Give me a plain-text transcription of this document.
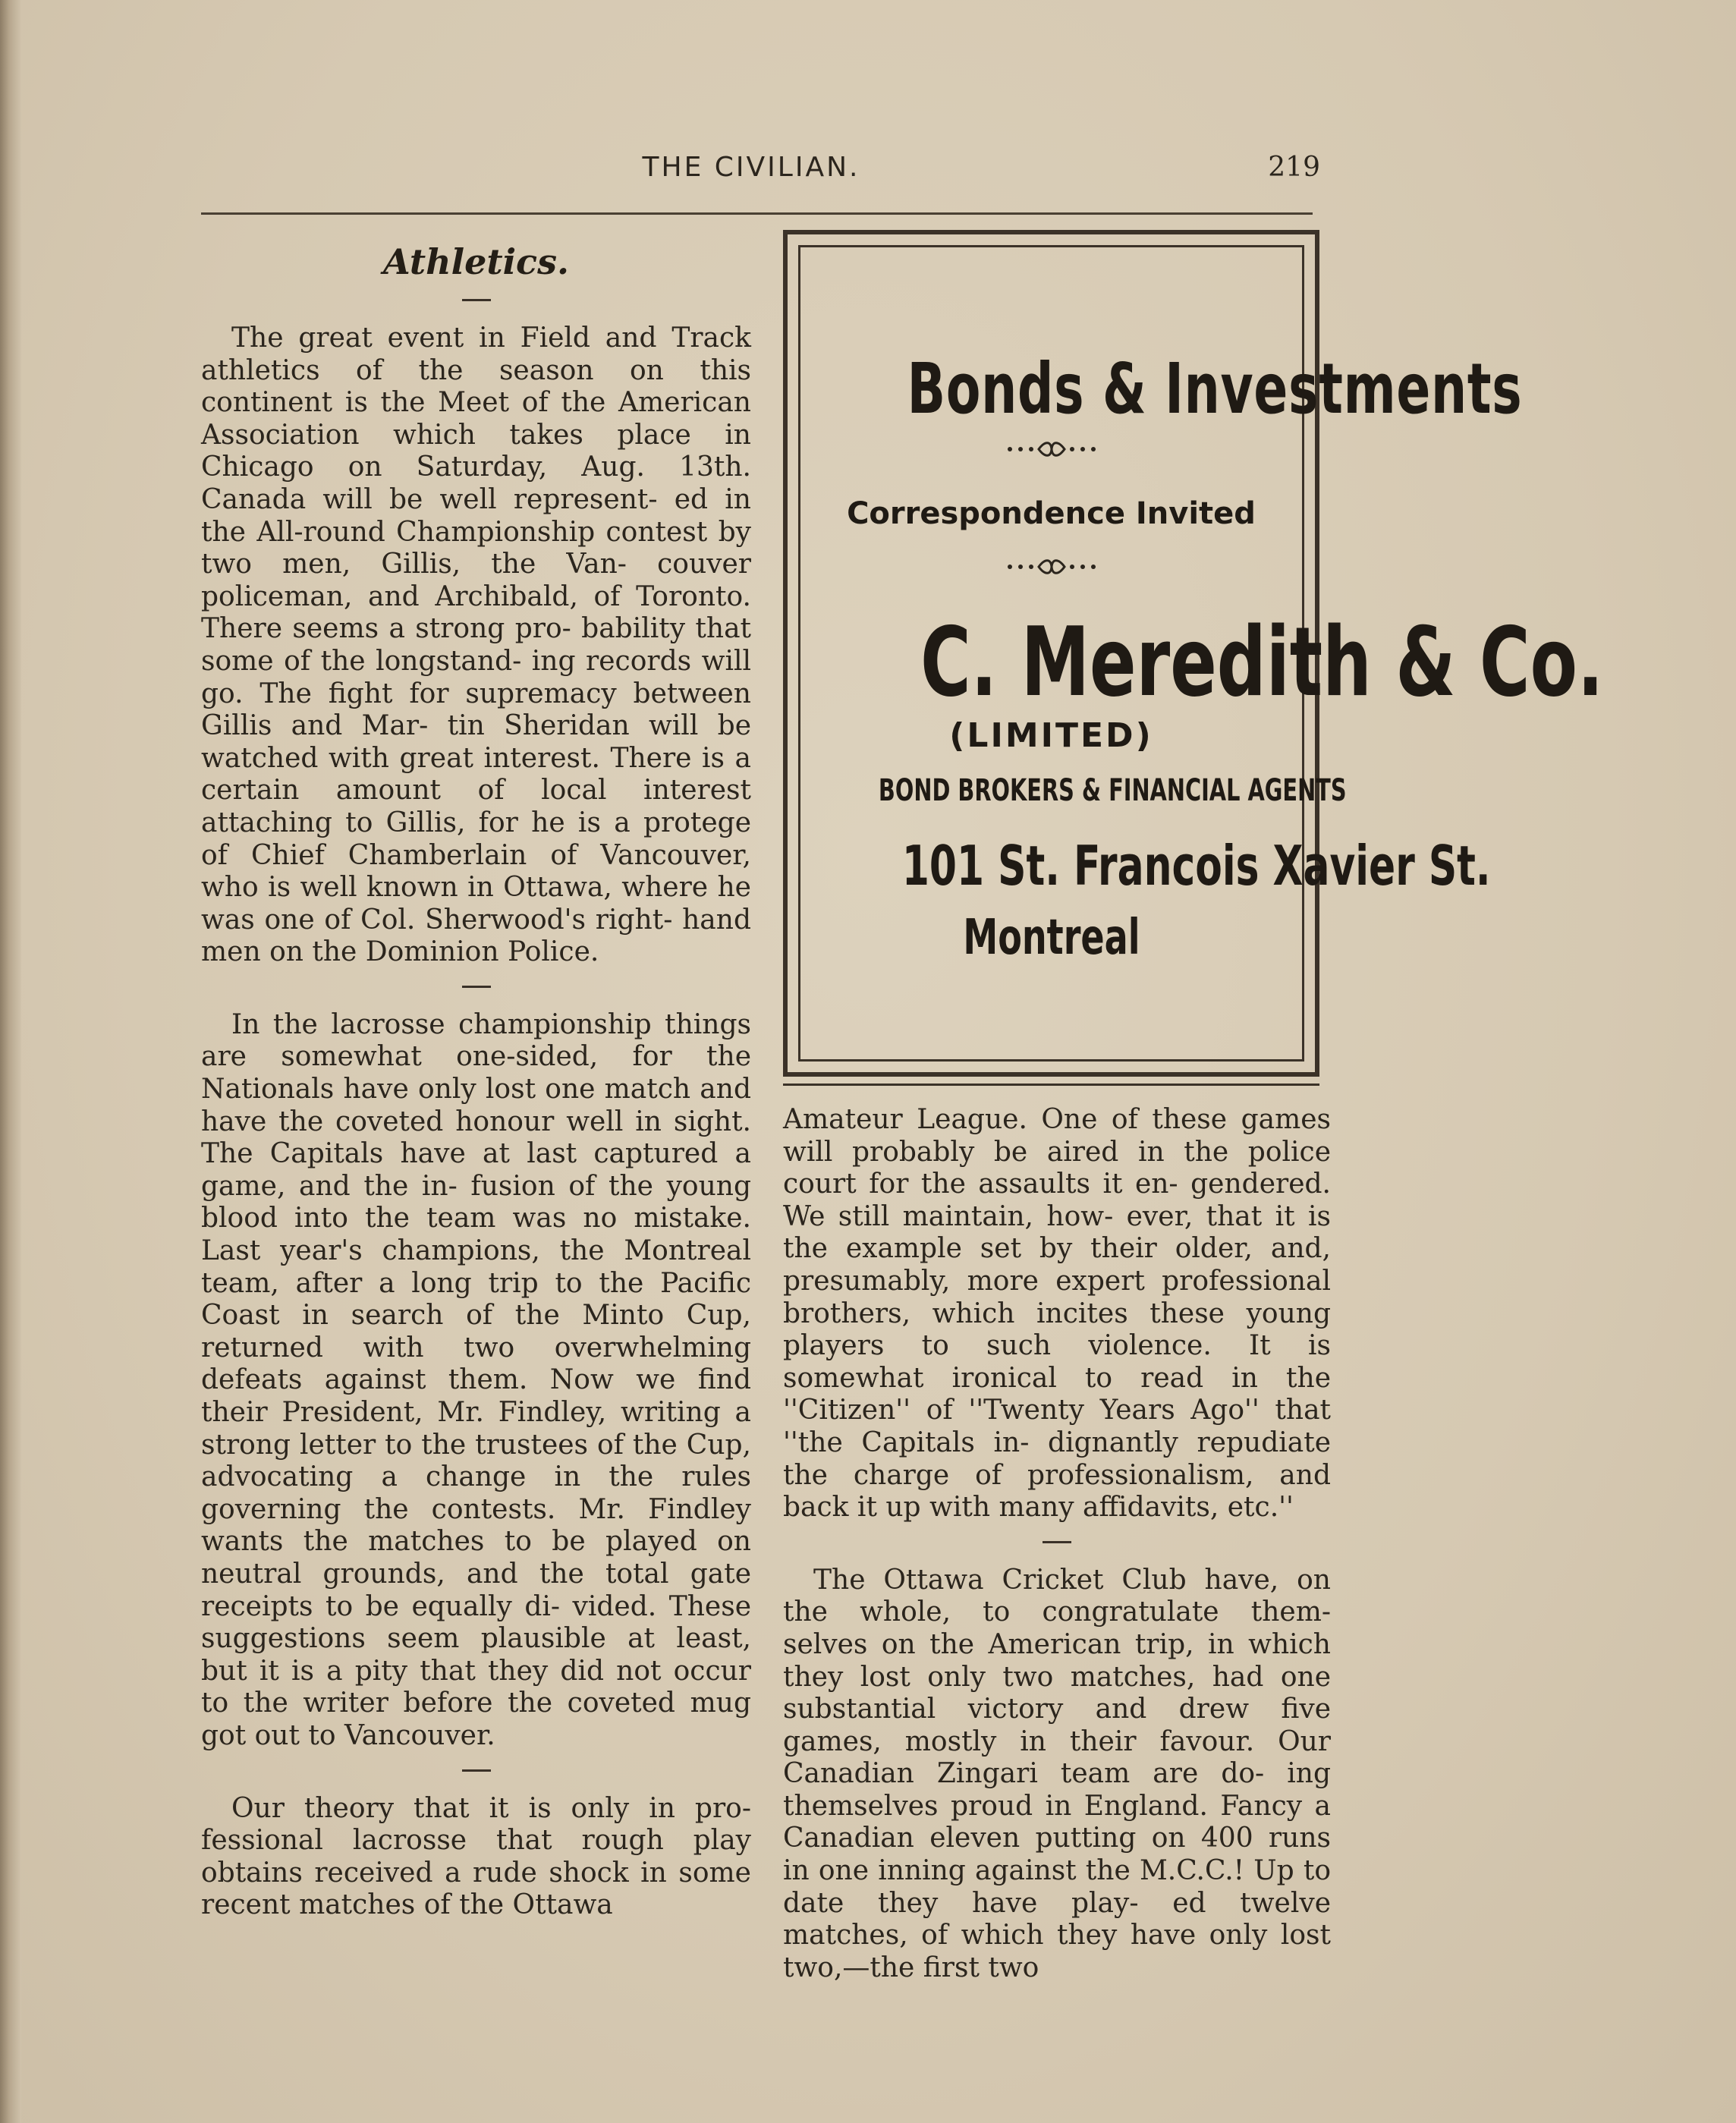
THE CIVILIAN.	219
Athletics.

The great event in Field and Track athletics of the season on this continent is the Meet of the American Association which takes place in Chicago on Saturday, Aug. 13th. Canada will be well represent- ed in the All-round Championship contest by two men, Gillis, the Van- couver policeman, and Archibald, of Toronto. There seems a strong pro- bability that some of the longstand- ing records will go. The fight for supremacy between Gillis and Mar- tin Sheridan will be watched with great interest. There is a certain amount of local interest attaching to Gillis, for he is a protege of Chief Chamberlain of Vancouver, who is well known in Ottawa, where he was one of Col. Sherwood's right- hand men on the Dominion Police.

In the lacrosse championship things are somewhat one-sided, for the Nationals have only lost one match and have the coveted honour well in sight. The Capitals have at last captured a game, and the in- fusion of the young blood into the team was no mistake. Last year's champions, the Montreal team, after a long trip to the Pacific Coast in search of the Minto Cup, returned with two overwhelming defeats against them. Now we find their President, Mr. Findley, writing a strong letter to the trustees of the Cup, advocating a change in the rules governing the contests. Mr. Findley wants the matches to be played on neutral grounds, and the total gate receipts to be equally di- vided. These suggestions seem plausible at least, but it is a pity that they did not occur to the writer before the coveted mug got out to Vancouver.

Our theory that it is only in pro- fessional lacrosse that rough play obtains received a rude shock in some recent matches of the Ottawa

Bonds & Investments
Correspondence Invited
C. Meredith & Co.
(LIMITED)
BOND BROKERS & FINANCIAL AGENTS
101 St. Francois Xavier St.
Montreal

Amateur League. One of these games will probably be aired in the police court for the assaults it en- gendered. We still maintain, how- ever, that it is the example set by their older, and, presumably, more expert professional brothers, which incites these young players to such violence. It is somewhat ironical to read in the ''Citizen'' of ''Twenty Years Ago'' that ''the Capitals in- dignantly repudiate the charge of professionalism, and back it up with many affidavits, etc.''

The Ottawa Cricket Club have, on the whole, to congratulate them- selves on the American trip, in which they lost only two matches, had one substantial victory and drew five games, mostly in their favour. Our Canadian Zingari team are do- ing themselves proud in England. Fancy a Canadian eleven putting on 400 runs in one inning against the M.C.C.! Up to date they have play- ed twelve matches, of which they have only lost two,—the first two
